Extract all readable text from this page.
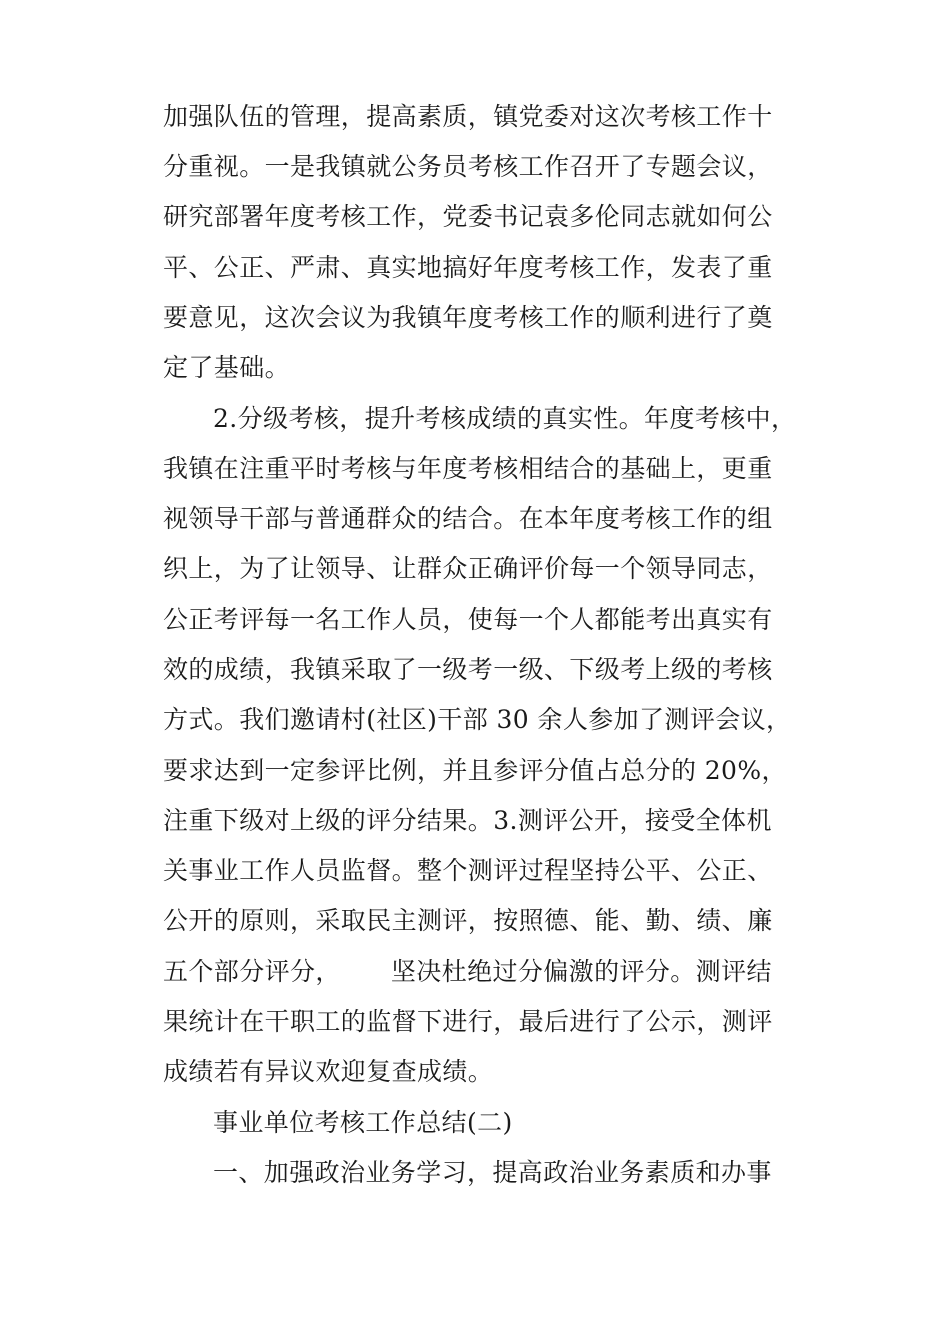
加强队伍的管理，提高素质，镇党委对这次考核工作十
分重视。一是我镇就公务员考核工作召开了专题会议，
研究部署年度考核工作，党委书记袁多伦同志就如何公
平、公正、严肃、真实地搞好年度考核工作，发表了重
要意见，这次会议为我镇年度考核工作的顺利进行了奠
定了基础。
2.分级考核，提升考核成绩的真实性。年度考核中，
我镇在注重平时考核与年度考核相结合的基础上，更重
视领导干部与普通群众的结合。在本年度考核工作的组
织上，为了让领导、让群众正确评价每一个领导同志，
公正考评每一名工作人员，使每一个人都能考出真实有
效的成绩，我镇采取了一级考一级、下级考上级的考核
方式。我们邀请村(社区)干部 30 余人参加了测评会议，
要求达到一定参评比例，并且参评分值占总分的 20%，
注重下级对上级的评分结果。3.测评公开，接受全体机
关事业工作人员监督。整个测评过程坚持公平、公正、
公开的原则，采取民主测评，按照德、能、勤、绩、廉
五个部分评分，      坚决杜绝过分偏激的评分。测评结
果统计在干职工的监督下进行，最后进行了公示，测评
成绩若有异议欢迎复查成绩。
事业单位考核工作总结(二)
一、加强政治业务学习，提高政治业务素质和办事
